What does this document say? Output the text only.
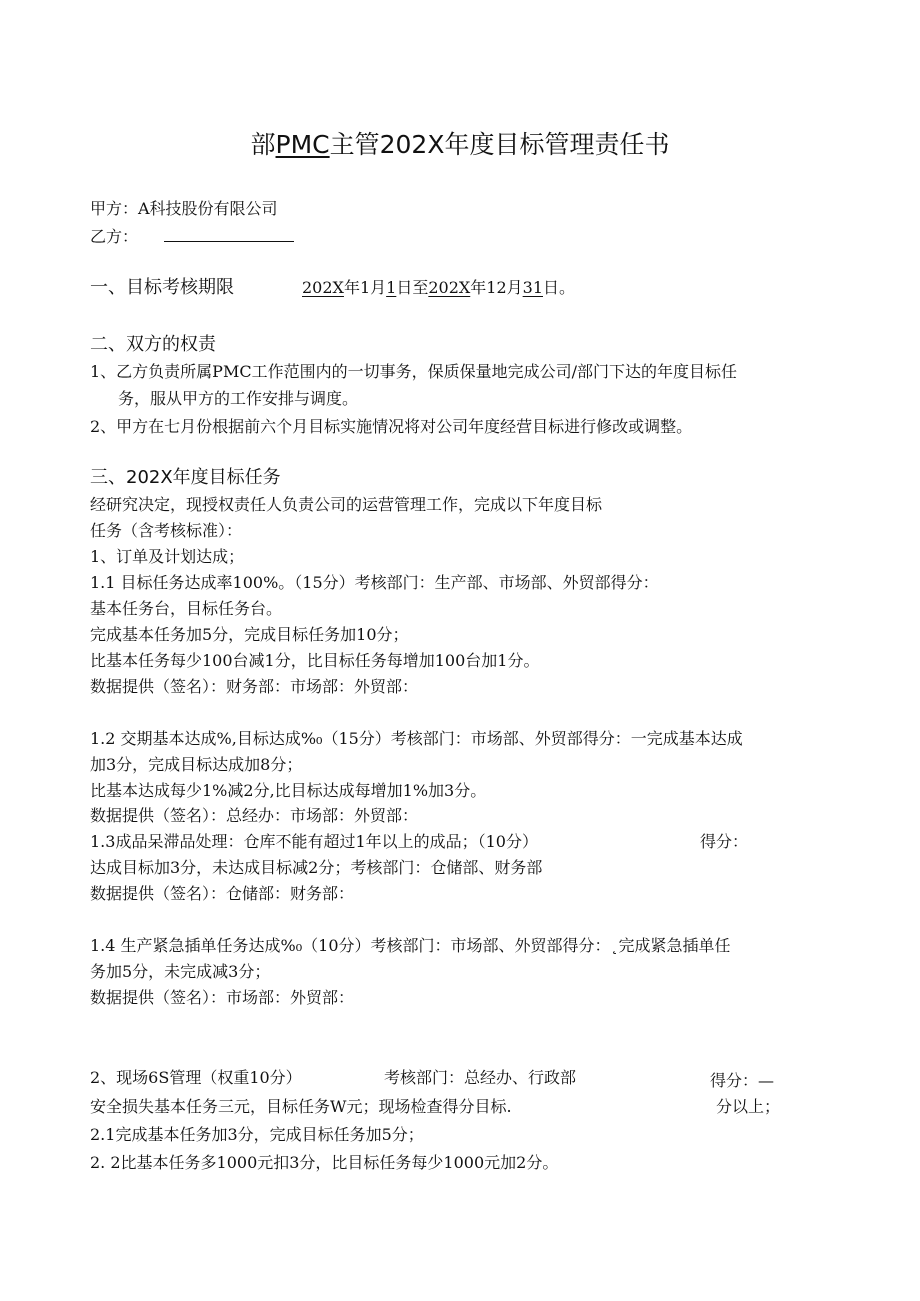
部PMC主管202X年度目标管理责任书
甲方：A科技股份有限公司
乙方：
一、目标考核期限	202X年1月1日至202X年12月31日。
二、双方的权责
1、乙方负责所属PMC工作范围内的一切事务，保质保量地完成公司/部门下达的年度目标任
务，服从甲方的工作安排与调度。
2、甲方在七月份根据前六个月目标实施情况将对公司年度经营目标进行修改或调整。
三、202X年度目标任务
经研究决定，现授权责任人负责公司的运营管理工作，完成以下年度目标
任务（含考核标准）：
1、订单及计划达成；
1.1 目标任务达成率100%。（15分）考核部门：生产部、市场部、外贸部得分：
基本任务台，目标任务台。
完成基本任务加5分，完成目标任务加10分；
比基本任务每少100台减1分，比目标任务每增加100台加1分。
数据提供（签名）：财务部：市场部：外贸部：
1.2 交期基本达成%,目标达成%₀（15分）考核部门：市场部、外贸部得分：一完成基本达成
加3分，完成目标达成加8分；
比基本达成每少1%减2分,比目标达成每增加1%加3分。
数据提供（签名）：总经办：市场部：外贸部：
1.3成品呆滞品处理：仓库不能有超过1年以上的成品；（10分）	得分：
达成目标加3分，未达成目标减2分；考核部门：仓储部、财务部
数据提供（签名）：仓储部：财务部：
1.4 生产紧急插单任务达成%₀（10分）考核部门：市场部、外贸部得分：˛完成紧急插单任
务加5分，未完成减3分；
数据提供（签名）：市场部：外贸部：
2、现场6S管理（权重10分）	考核部门：总经办、行政部	得分：—
安全损失基本任务三元，目标任务W元；现场检查得分目标.	分以上；
2.1完成基本任务加3分，完成目标任务加5分；
2. 2比基本任务多1000元扣3分，比目标任务每少1000元加2分。
